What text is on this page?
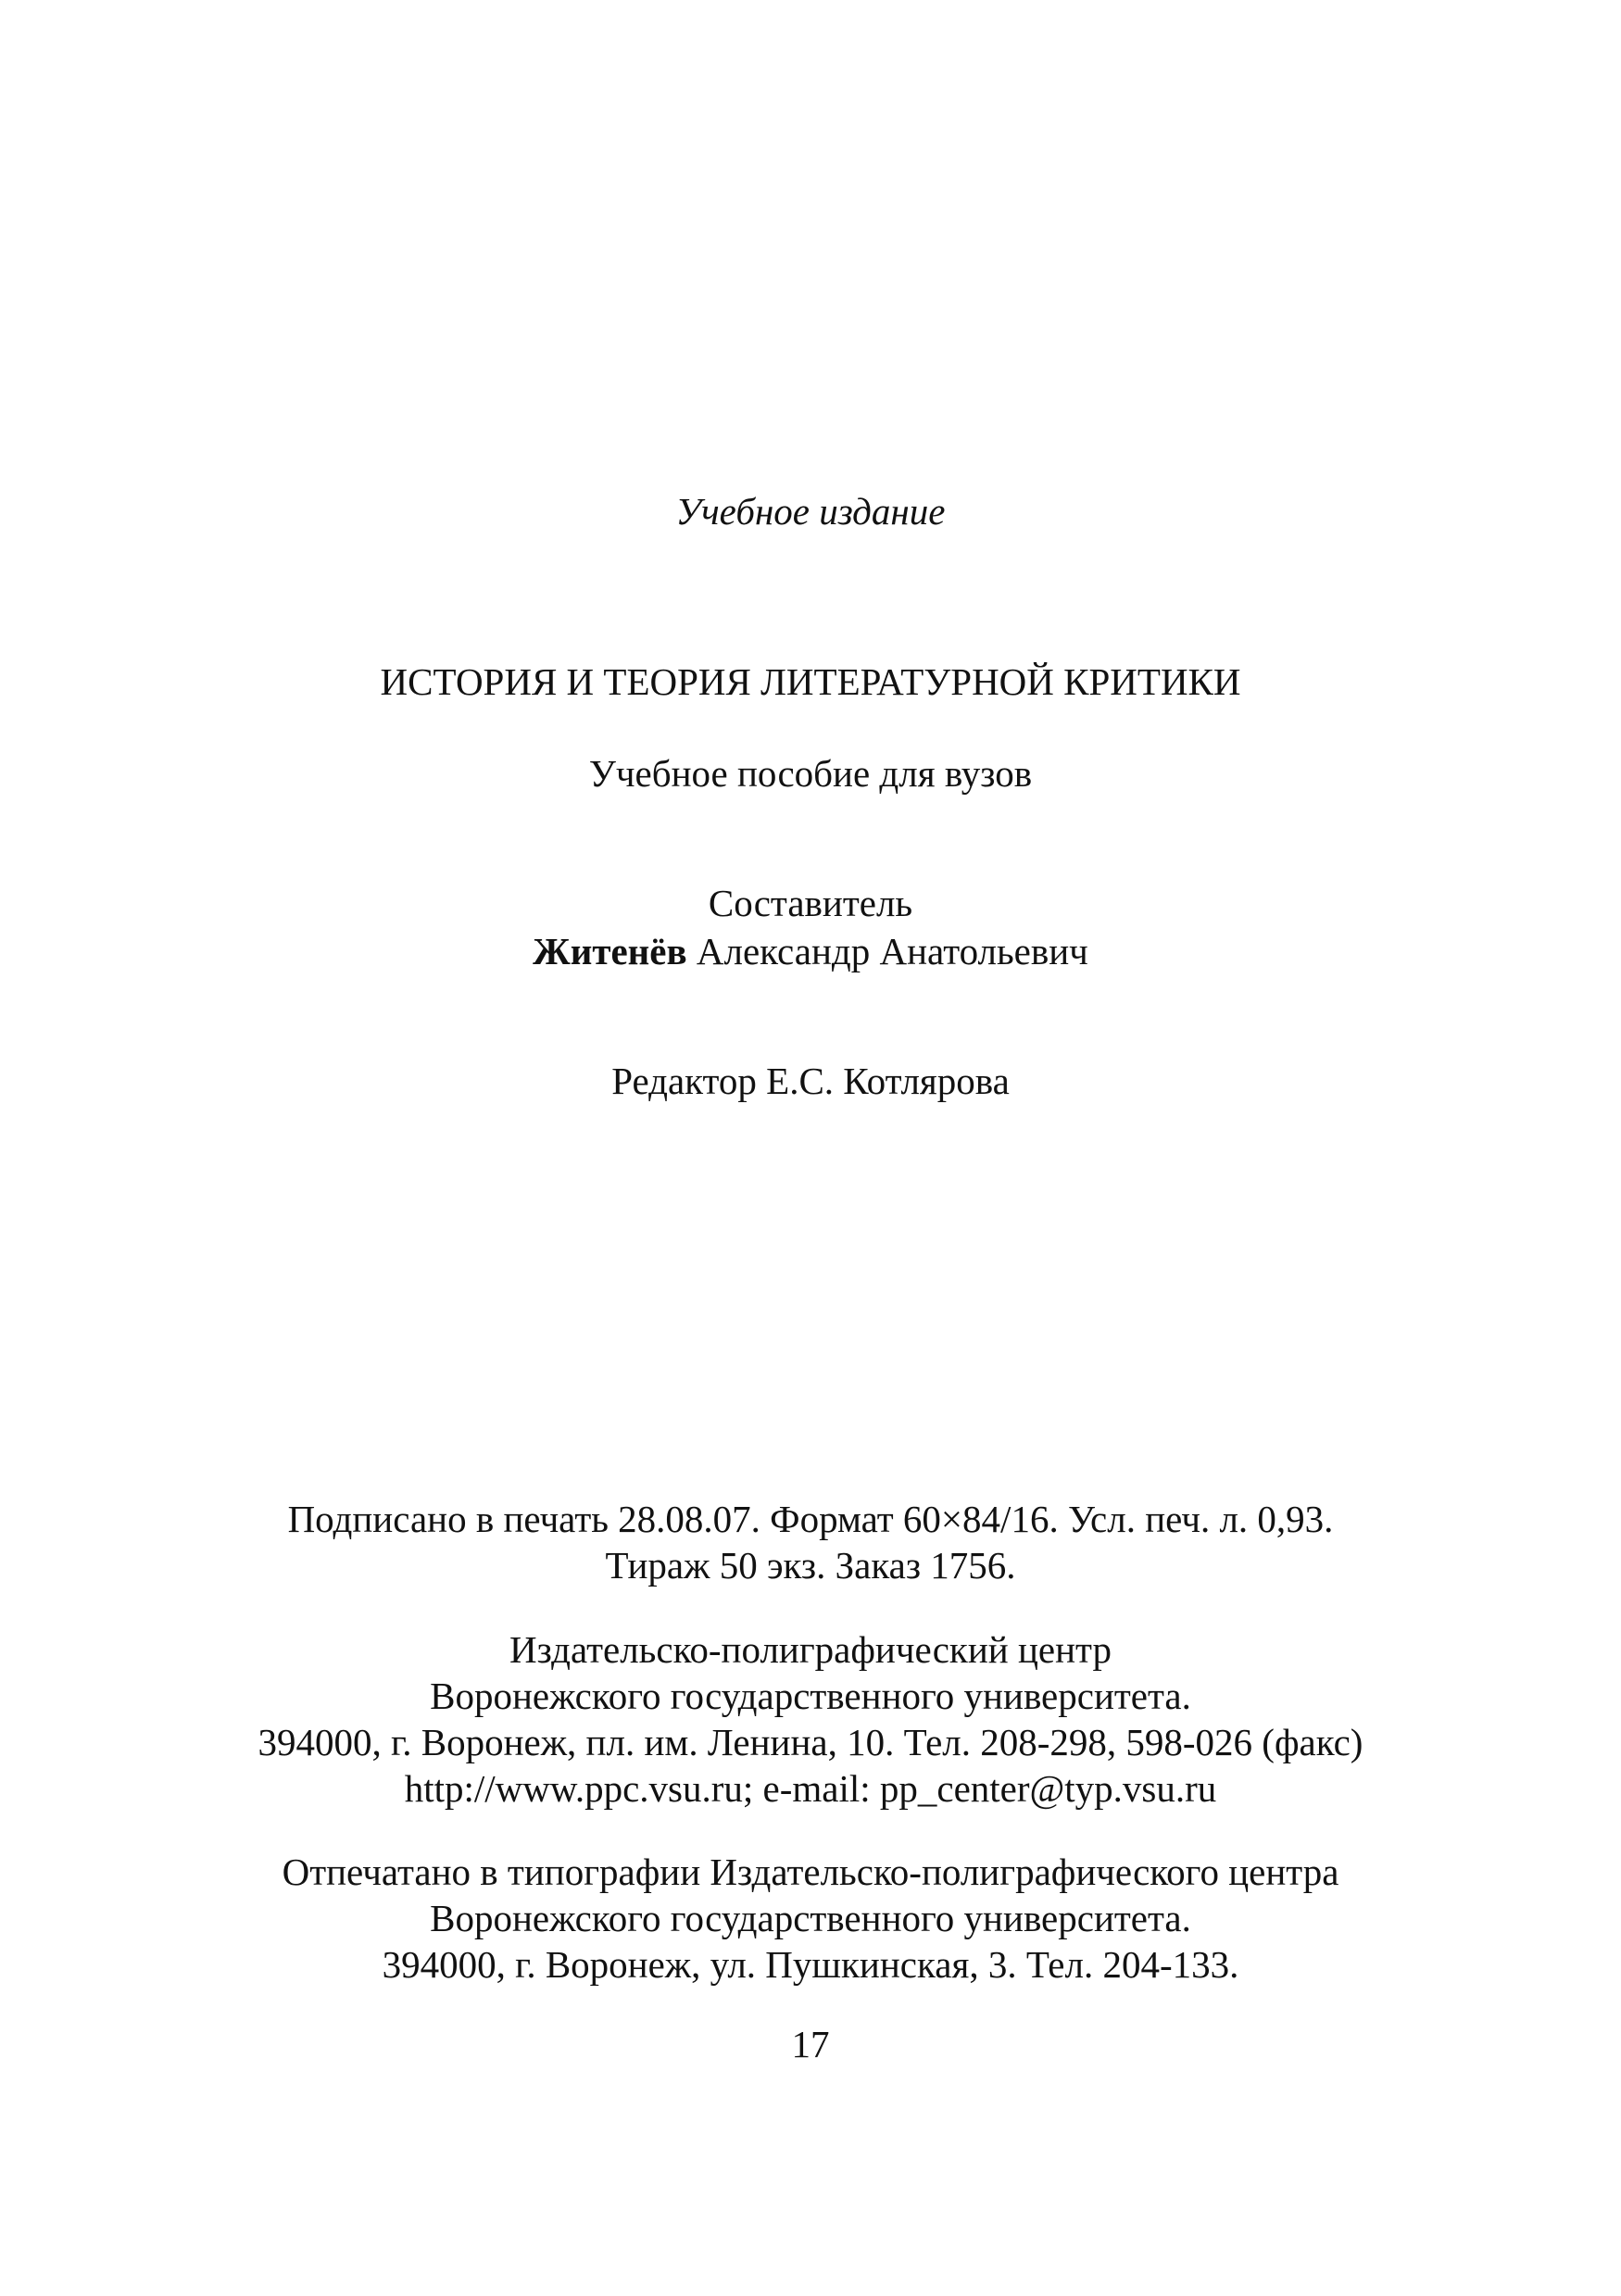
Учебное издание
ИСТОРИЯ И ТЕОРИЯ ЛИТЕРАТУРНОЙ КРИТИКИ
Учебное пособие для вузов
Составитель
Житенёв Александр Анатольевич
Редактор Е.С. Котлярова
Подписано в печать 28.08.07. Формат 60×84/16. Усл. печ. л. 0,93.
Тираж 50 экз. Заказ 1756.
Издательско-полиграфический центр
Воронежского государственного университета.
394000, г. Воронеж, пл. им. Ленина, 10. Тел. 208-298, 598-026 (факс)
http://www.ppc.vsu.ru; e-mail: pp_center@typ.vsu.ru
Отпечатано в типографии Издательско-полиграфического центра
Воронежского государственного университета.
394000, г. Воронеж, ул. Пушкинская, 3. Тел. 204-133.
17
